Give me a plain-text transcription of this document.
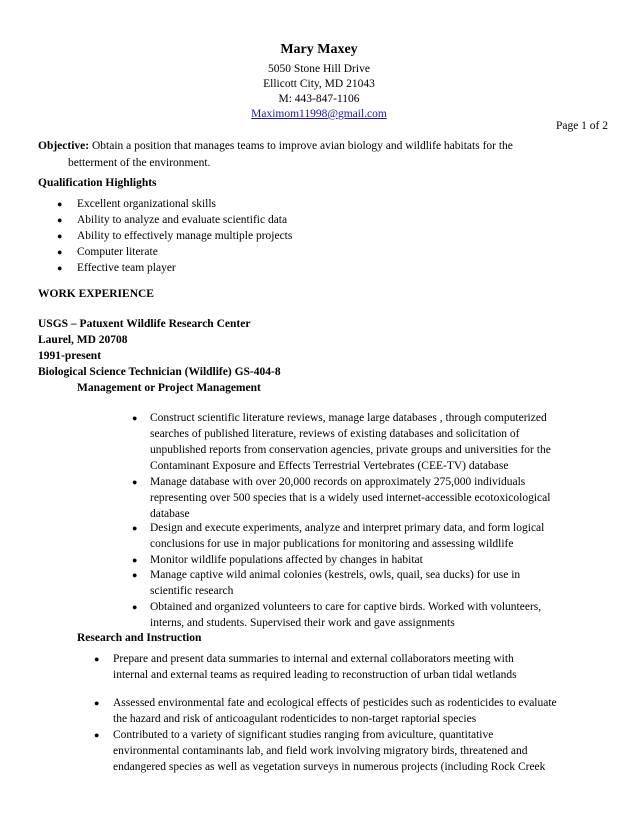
Mary Maxey
5050 Stone Hill Drive
Ellicott City, MD 21043
M: 443-847-1106
Maximom11998@gmail.com
Page 1 of 2
Objective: Obtain a position that manages teams to improve avian biology and wildlife habitats for the
betterment of the environment.
Qualification Highlights
● Excellent organizational skills
● Ability to analyze and evaluate scientific data
● Ability to effectively manage multiple projects
● Computer literate
● Effective team player
WORK EXPERIENCE
USGS – Patuxent Wildlife Research Center
Laurel, MD 20708
1991-present
Biological Science Technician (Wildlife) GS-404-8
Management or Project Management
● Construct scientific literature reviews, manage large databases , through computerized
searches of published literature, reviews of existing databases and solicitation of
unpublished reports from conservation agencies, private groups and universities for the
Contaminant Exposure and Effects Terrestrial Vertebrates (CEE-TV) database
● Manage database with over 20,000 records on approximately 275,000 individuals
representing over 500 species that is a widely used internet-accessible ecotoxicological
database
● Design and execute experiments, analyze and interpret primary data, and form logical
conclusions for use in major publications for monitoring and assessing wildlife
● Monitor wildlife populations affected by changes in habitat
● Manage captive wild animal colonies (kestrels, owls, quail, sea ducks) for use in
scientific research
● Obtained and organized volunteers to care for captive birds. Worked with volunteers,
interns, and students. Supervised their work and gave assignments
Research and Instruction
● Prepare and present data summaries to internal and external collaborators meeting with
internal and external teams as required leading to reconstruction of urban tidal wetlands
● Assessed environmental fate and ecological effects of pesticides such as rodenticides to evaluate
the hazard and risk of anticoagulant rodenticides to non-target raptorial species
● Contributed to a variety of significant studies ranging from aviculture, quantitative
environmental contaminants lab, and field work involving migratory birds, threatened and
endangered species as well as vegetation surveys in numerous projects (including Rock Creek
